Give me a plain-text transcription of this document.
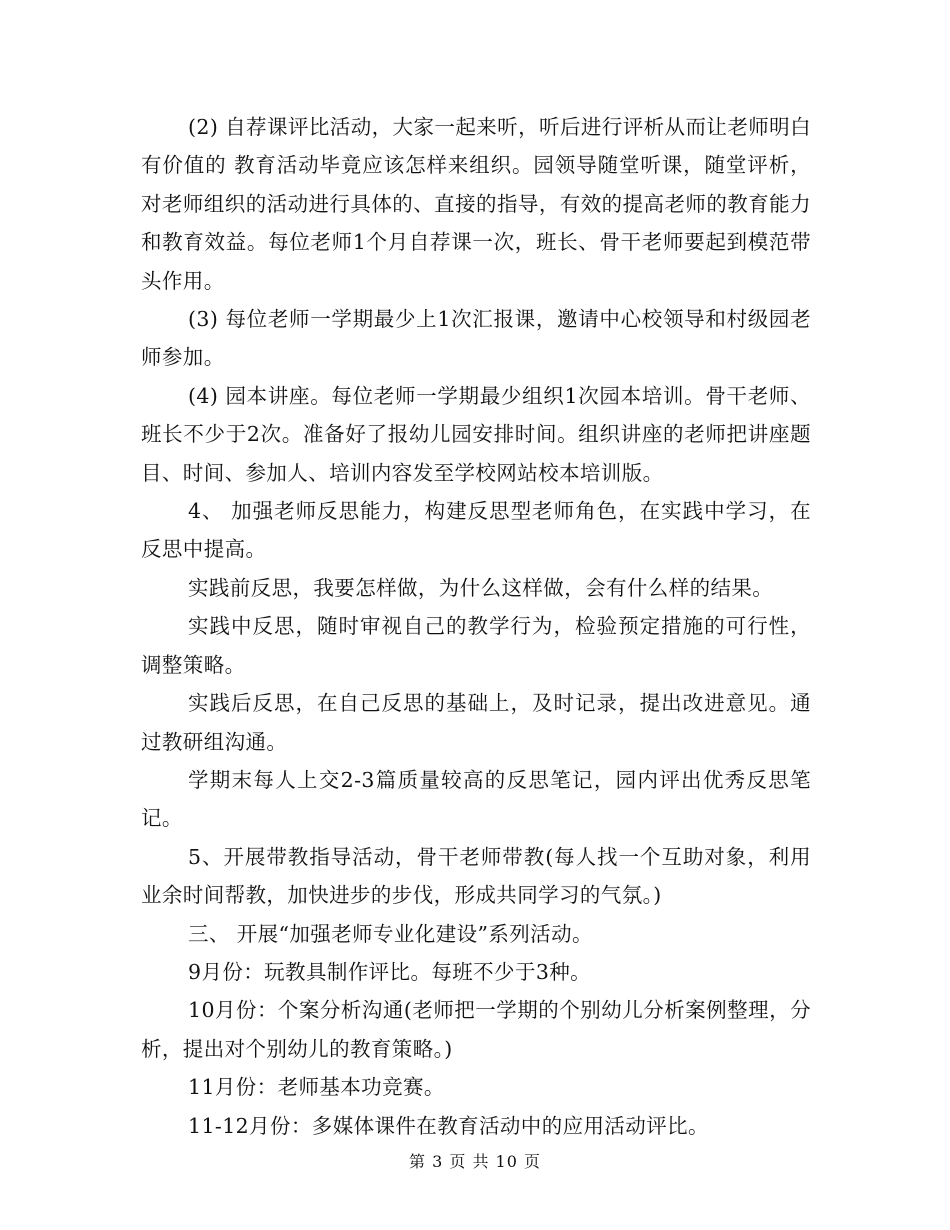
(2) 自荐课评比活动，大家一起来听，听后进行评析从而让老师明白有价值的 教育活动毕竟应该怎样来组织。园领导随堂听课，随堂评析，对老师组织的活动进行具体的、直接的指导，有效的提高老师的教育能力和教育效益。每位老师1个月自荐课一次，班长、骨干老师要起到模范带头作用。

(3) 每位老师一学期最少上1次汇报课，邀请中心校领导和村级园老师参加。

(4) 园本讲座。每位老师一学期最少组织1次园本培训。骨干老师、班长不少于2次。准备好了报幼儿园安排时间。组织讲座的老师把讲座题目、时间、参加人、培训内容发至学校网站校本培训版。

4、 加强老师反思能力，构建反思型老师角色，在实践中学习，在反思中提高。

实践前反思，我要怎样做，为什么这样做，会有什么样的结果。

实践中反思，随时审视自己的教学行为，检验预定措施的可行性，调整策略。

实践后反思，在自己反思的基础上，及时记录，提出改进意见。通过教研组沟通。

学期末每人上交2-3篇质量较高的反思笔记，园内评出优秀反思笔记。

5、开展带教指导活动，骨干老师带教(每人找一个互助对象，利用业余时间帮教，加快进步的步伐，形成共同学习的气氛。)

三、 开展“加强老师专业化建设”系列活动。

9月份：玩教具制作评比。每班不少于3种。

10月份：个案分析沟通(老师把一学期的个别幼儿分析案例整理，分析，提出对个别幼儿的教育策略。)

11月份：老师基本功竞赛。

11-12月份：多媒体课件在教育活动中的应用活动评比。

第 3 页 共 10 页
